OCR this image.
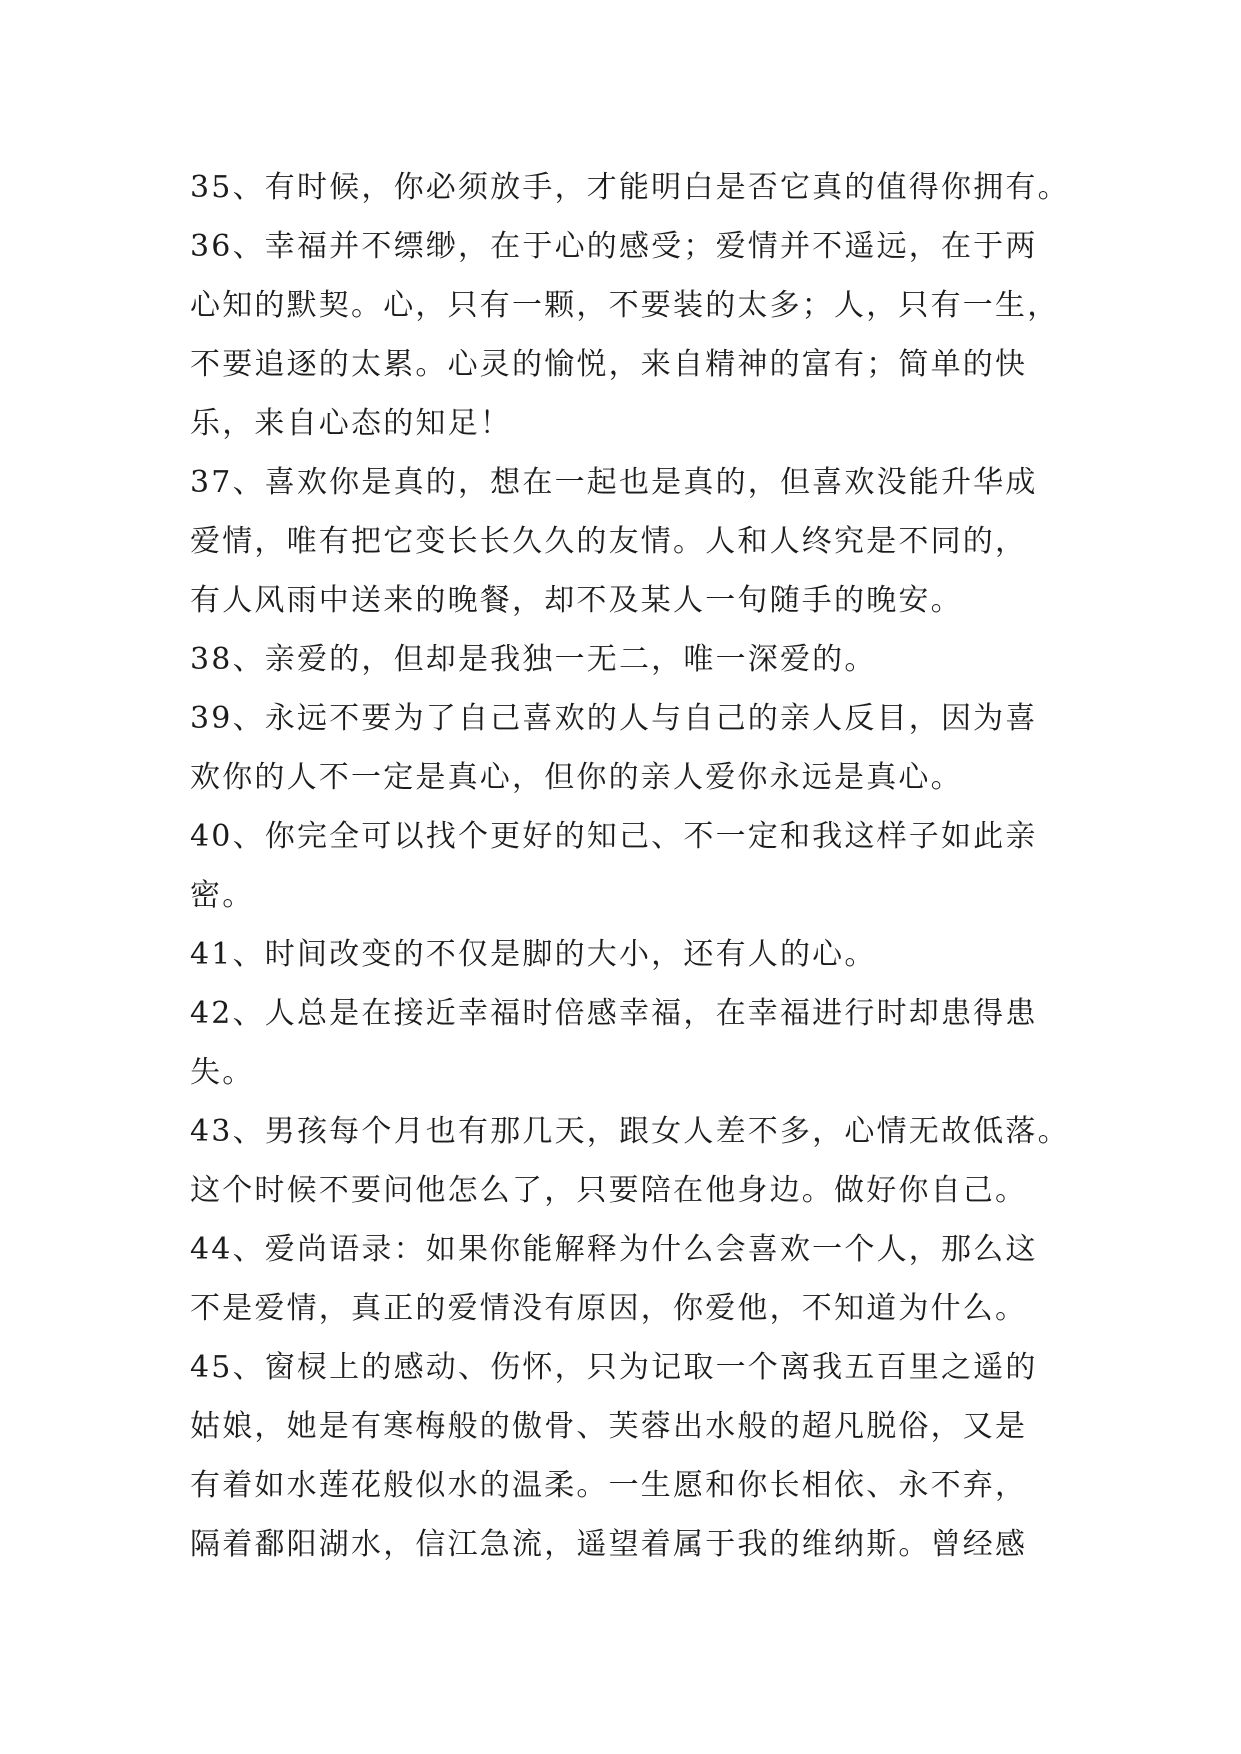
35、有时候，你必须放手，才能明白是否它真的值得你拥有。
36、幸福并不缥缈，在于心的感受；爱情并不遥远，在于两
心知的默契。心，只有一颗，不要装的太多；人，只有一生，
不要追逐的太累。心灵的愉悦，来自精神的富有；简单的快
乐，来自心态的知足！
37、喜欢你是真的，想在一起也是真的，但喜欢没能升华成
爱情，唯有把它变长长久久的友情。人和人终究是不同的，
有人风雨中送来的晚餐，却不及某人一句随手的晚安。
38、亲爱的，但却是我独一无二，唯一深爱的。
39、永远不要为了自己喜欢的人与自己的亲人反目，因为喜
欢你的人不一定是真心，但你的亲人爱你永远是真心。
40、你完全可以找个更好的知己、不一定和我这样子如此亲
密。
41、时间改变的不仅是脚的大小，还有人的心。
42、人总是在接近幸福时倍感幸福，在幸福进行时却患得患
失。
43、男孩每个月也有那几天，跟女人差不多，心情无故低落。
这个时候不要问他怎么了，只要陪在他身边。做好你自己。
44、爱尚语录：如果你能解释为什么会喜欢一个人，那么这
不是爱情，真正的爱情没有原因，你爱他，不知道为什么。
45、窗棂上的感动、伤怀，只为记取一个离我五百里之遥的
姑娘，她是有寒梅般的傲骨、芙蓉出水般的超凡脱俗，又是
有着如水莲花般似水的温柔。一生愿和你长相依、永不弃，
隔着鄱阳湖水，信江急流，遥望着属于我的维纳斯。曾经感
